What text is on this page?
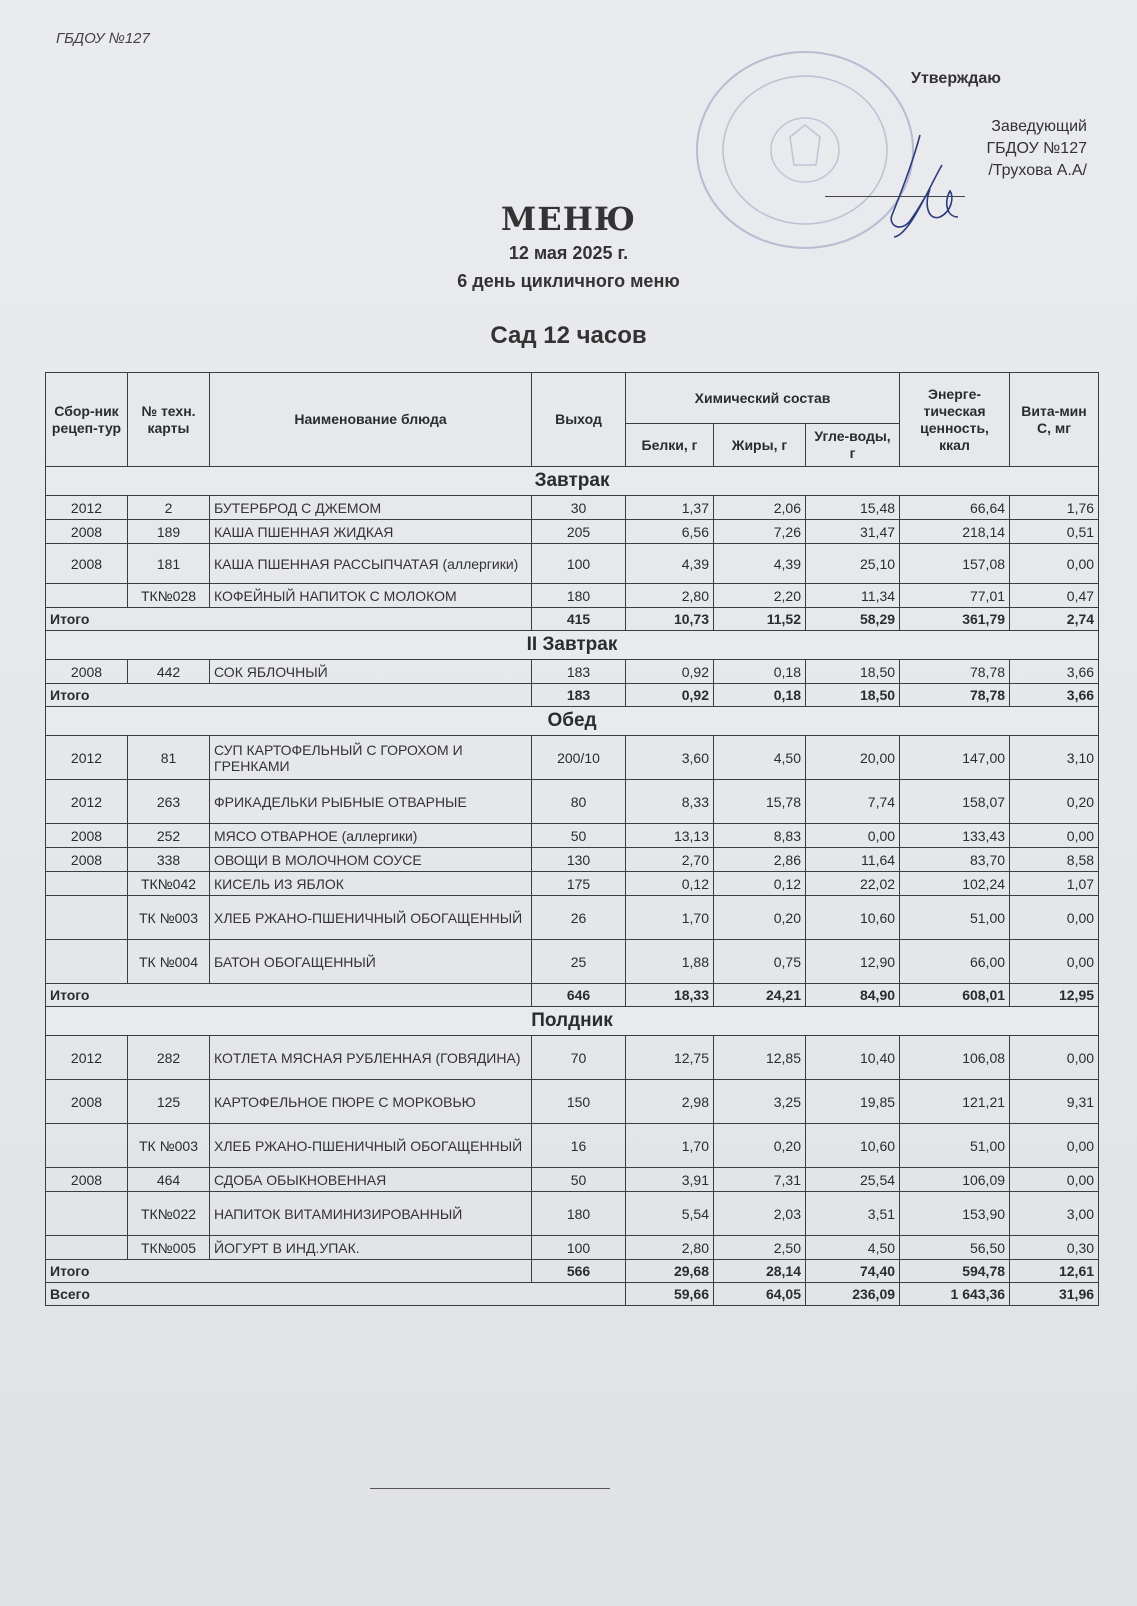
ГБДОУ №127
Утверждаю
Заведующий
ГБДОУ №127
/Трухова А.А/
МЕНЮ
12 мая 2025 г.
6 день цикличного меню
Сад 12 часов
Сбор-ник рецеп-тур	№ техн. карты	Наименование блюда	Выход	Химический состав			Энерге-тическая ценность, ккал	Вита-мин С, мг
				Белки, г	Жиры, г	Угле-воды, г		
Завтрак								
2012	2	БУТЕРБРОД С ДЖЕМОМ	30	1,37	2,06	15,48	66,64	1,76
2008	189	КАША ПШЕННАЯ ЖИДКАЯ	205	6,56	7,26	31,47	218,14	0,51
2008	181	КАША ПШЕННАЯ РАССЫПЧАТАЯ (аллергики)	100	4,39	4,39	25,10	157,08	0,00
	ТК№028	КОФЕЙНЫЙ НАПИТОК С МОЛОКОМ	180	2,80	2,20	11,34	77,01	0,47
Итого			415	10,73	11,52	58,29	361,79	2,74
II Завтрак								
2008	442	СОК ЯБЛОЧНЫЙ	183	0,92	0,18	18,50	78,78	3,66
Итого			183	0,92	0,18	18,50	78,78	3,66
Обед								
2012	81	СУП КАРТОФЕЛЬНЫЙ С ГОРОХОМ И ГРЕНКАМИ	200/10	3,60	4,50	20,00	147,00	3,10
2012	263	ФРИКАДЕЛЬКИ РЫБНЫЕ ОТВАРНЫЕ	80	8,33	15,78	7,74	158,07	0,20
2008	252	МЯСО ОТВАРНОЕ (аллергики)	50	13,13	8,83	0,00	133,43	0,00
2008	338	ОВОЩИ В МОЛОЧНОМ СОУСЕ	130	2,70	2,86	11,64	83,70	8,58
	ТК№042	КИСЕЛЬ ИЗ ЯБЛОК	175	0,12	0,12	22,02	102,24	1,07
	ТК №003	ХЛЕБ РЖАНО-ПШЕНИЧНЫЙ ОБОГАЩЕННЫЙ	26	1,70	0,20	10,60	51,00	0,00
	ТК №004	БАТОН ОБОГАЩЕННЫЙ	25	1,88	0,75	12,90	66,00	0,00
Итого			646	18,33	24,21	84,90	608,01	12,95
Полдник								
2012	282	КОТЛЕТА МЯСНАЯ РУБЛЕННАЯ (ГОВЯДИНА)	70	12,75	12,85	10,40	106,08	0,00
2008	125	КАРТОФЕЛЬНОЕ ПЮРЕ С МОРКОВЬЮ	150	2,98	3,25	19,85	121,21	9,31
	ТК №003	ХЛЕБ РЖАНО-ПШЕНИЧНЫЙ ОБОГАЩЕННЫЙ	16	1,70	0,20	10,60	51,00	0,00
2008	464	СДОБА ОБЫКНОВЕННАЯ	50	3,91	7,31	25,54	106,09	0,00
	ТК№022	НАПИТОК ВИТАМИНИЗИРОВАННЫЙ	180	5,54	2,03	3,51	153,90	3,00
	ТК№005	ЙОГУРТ В ИНД.УПАК.	100	2,80	2,50	4,50	56,50	0,30
Итого			566	29,68	28,14	74,40	594,78	12,61
Всего				59,66	64,05	236,09	1 643,36	31,96
